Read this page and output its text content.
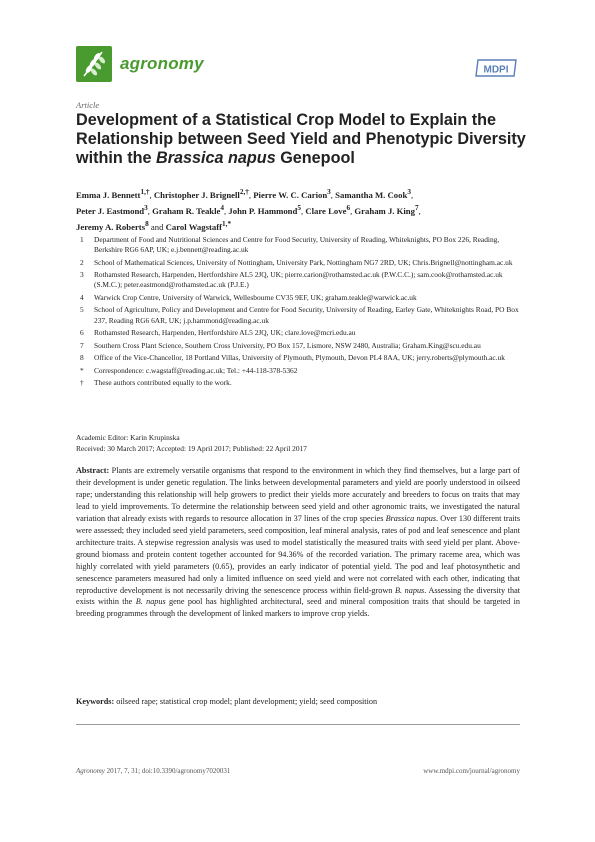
agronomy	MDPI
Article
Development of a Statistical Crop Model to Explain the Relationship between Seed Yield and Phenotypic Diversity within the Brassica napus Genepool
Emma J. Bennett$^{1,\dagger}$, Christopher J. Brignell$^{2,\dagger}$, Pierre W. C. Carion$^3$, Samantha M. Cook$^3$,
Peter J. Eastmond$^3$, Graham R. Teakle$^4$, John P. Hammond$^5$, Clare Love$^6$, Graham J. King$^7$,
Jeremy A. Roberts$^8$ and Carol Wagstaff$^{1,*}$
1	Department of Food and Nutritional Sciences and Centre for Food Security, University of Reading, Whiteknights, PO Box 226, Reading, Berkshire RG6 6AP, UK; e.j.bennett@reading.ac.uk
2	School of Mathematical Sciences, University of Nottingham, University Park, Nottingham NG7 2RD, UK; Chris.Brignell@nottingham.ac.uk
3	Rothamsted Research, Harpenden, Hertfordshire AL5 2JQ, UK; pierre.carion@rothamsted.ac.uk (P.W.C.C.); sam.cook@rothamsted.ac.uk (S.M.C.); peter.eastmond@rothamsted.ac.uk (P.J.E.)
4	Warwick Crop Centre, University of Warwick, Wellesbourne CV35 9EF, UK; graham.teakle@warwick.ac.uk
5	School of Agriculture, Policy and Development and Centre for Food Security, University of Reading, Earley Gate, Whiteknights Road, PO Box 237, Reading RG6 6AR, UK; j.p.hammond@reading.ac.uk
6	Rothamsted Research, Harpenden, Hertfordshire AL5 2JQ, UK; clare.love@mcri.edu.au
7	Southern Cross Plant Science, Southern Cross University, PO Box 157, Lismore, NSW 2480, Australia; Graham.King@scu.edu.au
8	Office of the Vice-Chancellor, 18 Portland Villas, University of Plymouth, Plymouth, Devon PL4 8AA, UK; jerry.roberts@plymouth.ac.uk
*	Correspondence: c.wagstaff@reading.ac.uk; Tel.: +44-118-378-5362
†	These authors contributed equally to the work.
Academic Editor: Karin Krupinska
Received: 30 March 2017; Accepted: 19 April 2017; Published: 22 April 2017

Abstract: Plants are extremely versatile organisms that respond to the environment in which they find themselves, but a large part of their development is under genetic regulation. The links between developmental parameters and yield are poorly understood in oilseed rape; understanding this relationship will help growers to predict their yields more accurately and breeders to focus on traits that may lead to yield improvements. To determine the relationship between seed yield and other agronomic traits, we investigated the natural variation that already exists with regards to resource allocation in 37 lines of the crop species Brassica napus. Over 130 different traits were assessed; they included seed yield parameters, seed composition, leaf mineral analysis, rates of pod and leaf senescence and plant architecture traits. A stepwise regression analysis was used to model statistically the measured traits with seed yield per plant. Above-ground biomass and protein content together accounted for 94.36% of the recorded variation. The primary raceme area, which was highly correlated with yield parameters (0.65), provides an early indicator of potential yield. The pod and leaf photosynthetic and senescence parameters measured had only a limited influence on seed yield and were not correlated with each other, indicating that reproductive development is not necessarily driving the senescence process within field-grown B. napus. Assessing the diversity that exists within the B. napus gene pool has highlighted architectural, seed and mineral composition traits that should be targeted in breeding programmes through the development of linked markers to improve crop yields.

Keywords: oilseed rape; statistical crop model; plant development; yield; seed composition
Agronomy 2017, 7, 31; doi:10.3390/agronomy7020031	www.mdpi.com/journal/agronomy
